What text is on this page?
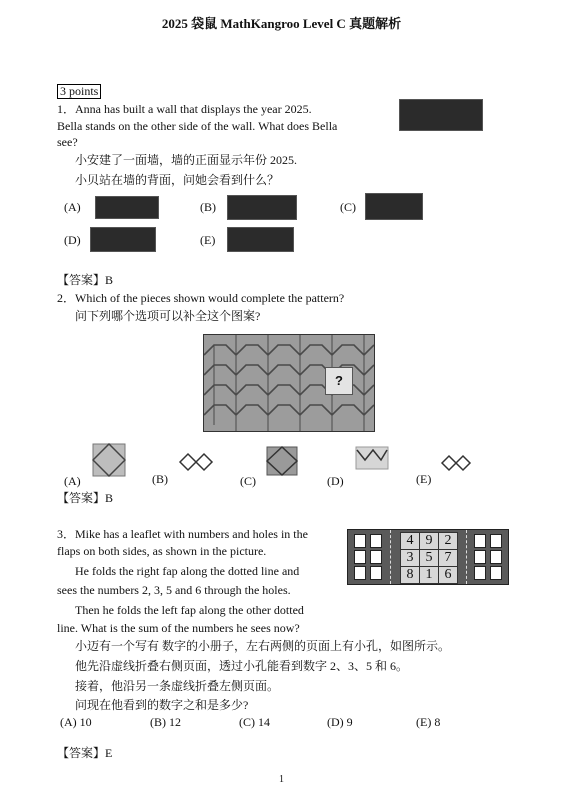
2025 袋鼠 MathKangroo Level C 真题解析
3 points
1．Anna has built a wall that displays the year 2025.
Bella stands on the other side of the wall. What does Bella
see?
小安建了一面墙，墙的正面显示年份 2025.
小贝站在墙的背面，问她会看到什么？
(A)	(B)	(C)
(D)	(E)
【答案】B
2．Which of the pieces shown would complete the pattern?
问下列哪个选项可以补全这个图案?
?
(A)	(B)	(C)	(D)	(E)
【答案】B
3．Mike has a leaflet with numbers and holes in the
flaps on both sides, as shown in the picture.
He folds the right fap along the dotted line and
sees the numbers 2, 3, 5 and 6 through the holes.
Then he folds the left fap along the other dotted
line. What is the sum of the numbers he sees now?
小迈有一个写有 数字的小册子，左右两侧的页面上有小孔，如图所示。
他先沿虚线折叠右侧页面，透过小孔能看到数字 2、3、5 和 6。
接着，他沿另一条虚线折叠左侧页面。
问现在他看到的数字之和是多少?
4 9 2
3 5 7
8 1 6
(A) 10	(B) 12	(C) 14	(D) 9	(E) 8
【答案】E
1
